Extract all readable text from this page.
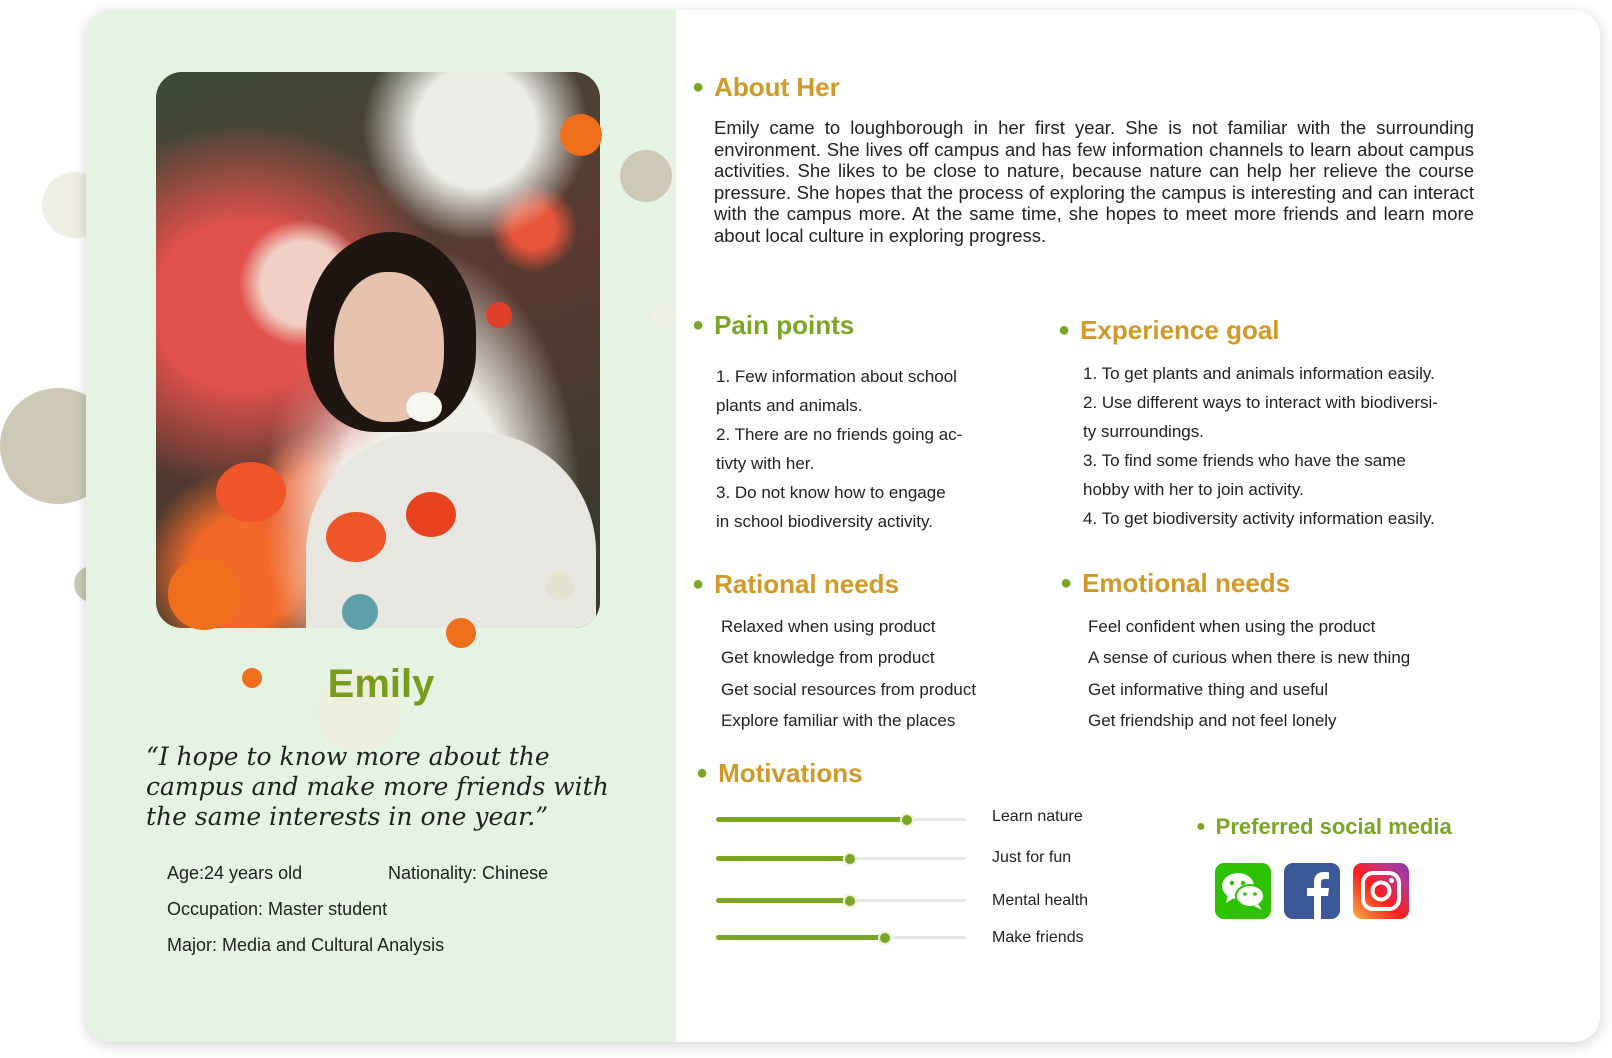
Emily
“I hope to know more about the campus and make more friends with the same interests in one year.”
Age:24 years old	Nationality: Chinese
Occupation: Master student
Major: Media and Cultural Analysis
● About Her
Emily came to loughborough in her first year. She is not familiar with the surrounding environment. She lives off campus and has few information channels to learn about campus activities. She likes to be close to nature, because nature can help her relieve the course pressure. She hopes that the process of exploring the campus is interesting and can interact with the campus more. At the same time, she hopes to meet more friends and learn more about local culture in exploring progress.
● Pain points
1. Few information about school
plants and animals.
2. There are no friends going ac-
tivty with her.
3. Do not know how to engage
in school biodiversity activity.
● Experience goal
1. To get plants and animals information easily.
2. Use different ways to interact with biodiversi-
ty surroundings.
3. To find some friends who have the same
hobby with her to join activity.
4. To get biodiversity activity information easily.
● Rational needs
Relaxed when using product
Get knowledge from product
Get social resources from product
Explore familiar with the places
● Emotional needs
Feel confident when using the product
A sense of curious when there is new thing
Get informative thing and useful
Get friendship and not feel lonely
● Motivations
Learn nature
Just for fun
Mental health
Make friends
● Preferred social media
